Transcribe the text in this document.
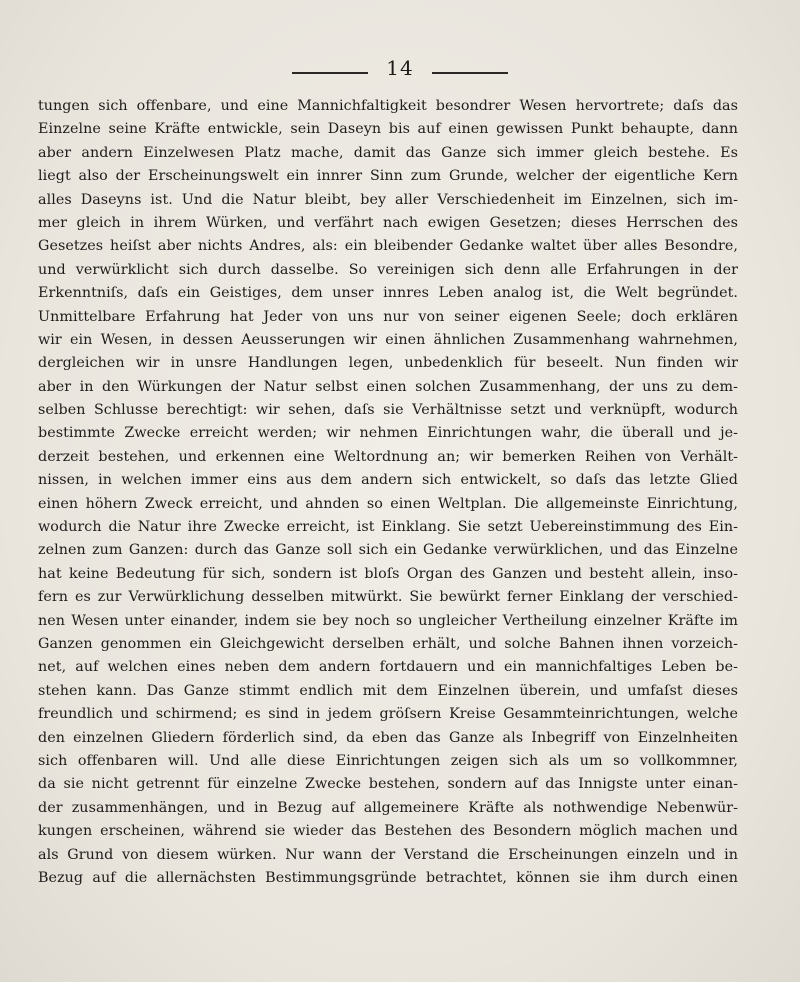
14
tungen sich offenbare, und eine Mannichfaltigkeit besondrer Wesen hervortrete; daſs das
Einzelne seine Kräfte entwickle, sein Daseyn bis auf einen gewissen Punkt behaupte, dann
aber andern Einzelwesen Platz mache, damit das Ganze sich immer gleich bestehe. Es
liegt also der Erscheinungswelt ein innrer Sinn zum Grunde, welcher der eigentliche Kern
alles Daseyns ist. Und die Natur bleibt, bey aller Verschiedenheit im Einzelnen, sich im-
mer gleich in ihrem Würken, und verfährt nach ewigen Gesetzen; dieses Herrschen des
Gesetzes heiſst aber nichts Andres, als: ein bleibender Gedanke waltet über alles Besondre,
und verwürklicht sich durch dasselbe. So vereinigen sich denn alle Erfahrungen in der
Erkenntniſs, daſs ein Geistiges, dem unser innres Leben analog ist, die Welt begründet.
Unmittelbare Erfahrung hat Jeder von uns nur von seiner eigenen Seele; doch erklären
wir ein Wesen, in dessen Aeusserungen wir einen ähnlichen Zusammenhang wahrnehmen,
dergleichen wir in unsre Handlungen legen, unbedenklich für beseelt. Nun finden wir
aber in den Würkungen der Natur selbst einen solchen Zusammenhang, der uns zu dem-
selben Schlusse berechtigt: wir sehen, daſs sie Verhältnisse setzt und verknüpft, wodurch
bestimmte Zwecke erreicht werden; wir nehmen Einrichtungen wahr, die überall und je-
derzeit bestehen, und erkennen eine Weltordnung an; wir bemerken Reihen von Verhält-
nissen, in welchen immer eins aus dem andern sich entwickelt, so daſs das letzte Glied
einen höhern Zweck erreicht, und ahnden so einen Weltplan. Die allgemeinste Einrichtung,
wodurch die Natur ihre Zwecke erreicht, ist Einklang. Sie setzt Uebereinstimmung des Ein-
zelnen zum Ganzen: durch das Ganze soll sich ein Gedanke verwürklichen, und das Einzelne
hat keine Bedeutung für sich, sondern ist bloſs Organ des Ganzen und besteht allein, inso-
fern es zur Verwürklichung desselben mitwürkt. Sie bewürkt ferner Einklang der verschied-
nen Wesen unter einander, indem sie bey noch so ungleicher Vertheilung einzelner Kräfte im
Ganzen genommen ein Gleichgewicht derselben erhält, und solche Bahnen ihnen vorzeich-
net, auf welchen eines neben dem andern fortdauern und ein mannichfaltiges Leben be-
stehen kann. Das Ganze stimmt endlich mit dem Einzelnen überein, und umfaſst dieses
freundlich und schirmend; es sind in jedem gröſsern Kreise Gesammteinrichtungen, welche
den einzelnen Gliedern förderlich sind, da eben das Ganze als Inbegriff von Einzelnheiten
sich offenbaren will. Und alle diese Einrichtungen zeigen sich als um so vollkommner,
da sie nicht getrennt für einzelne Zwecke bestehen, sondern auf das Innigste unter einan-
der zusammenhängen, und in Bezug auf allgemeinere Kräfte als nothwendige Nebenwür-
kungen erscheinen, während sie wieder das Bestehen des Besondern möglich machen und
als Grund von diesem würken. Nur wann der Verstand die Erscheinungen einzeln und in
Bezug auf die allernächsten Bestimmungsgründe betrachtet, können sie ihm durch einen
